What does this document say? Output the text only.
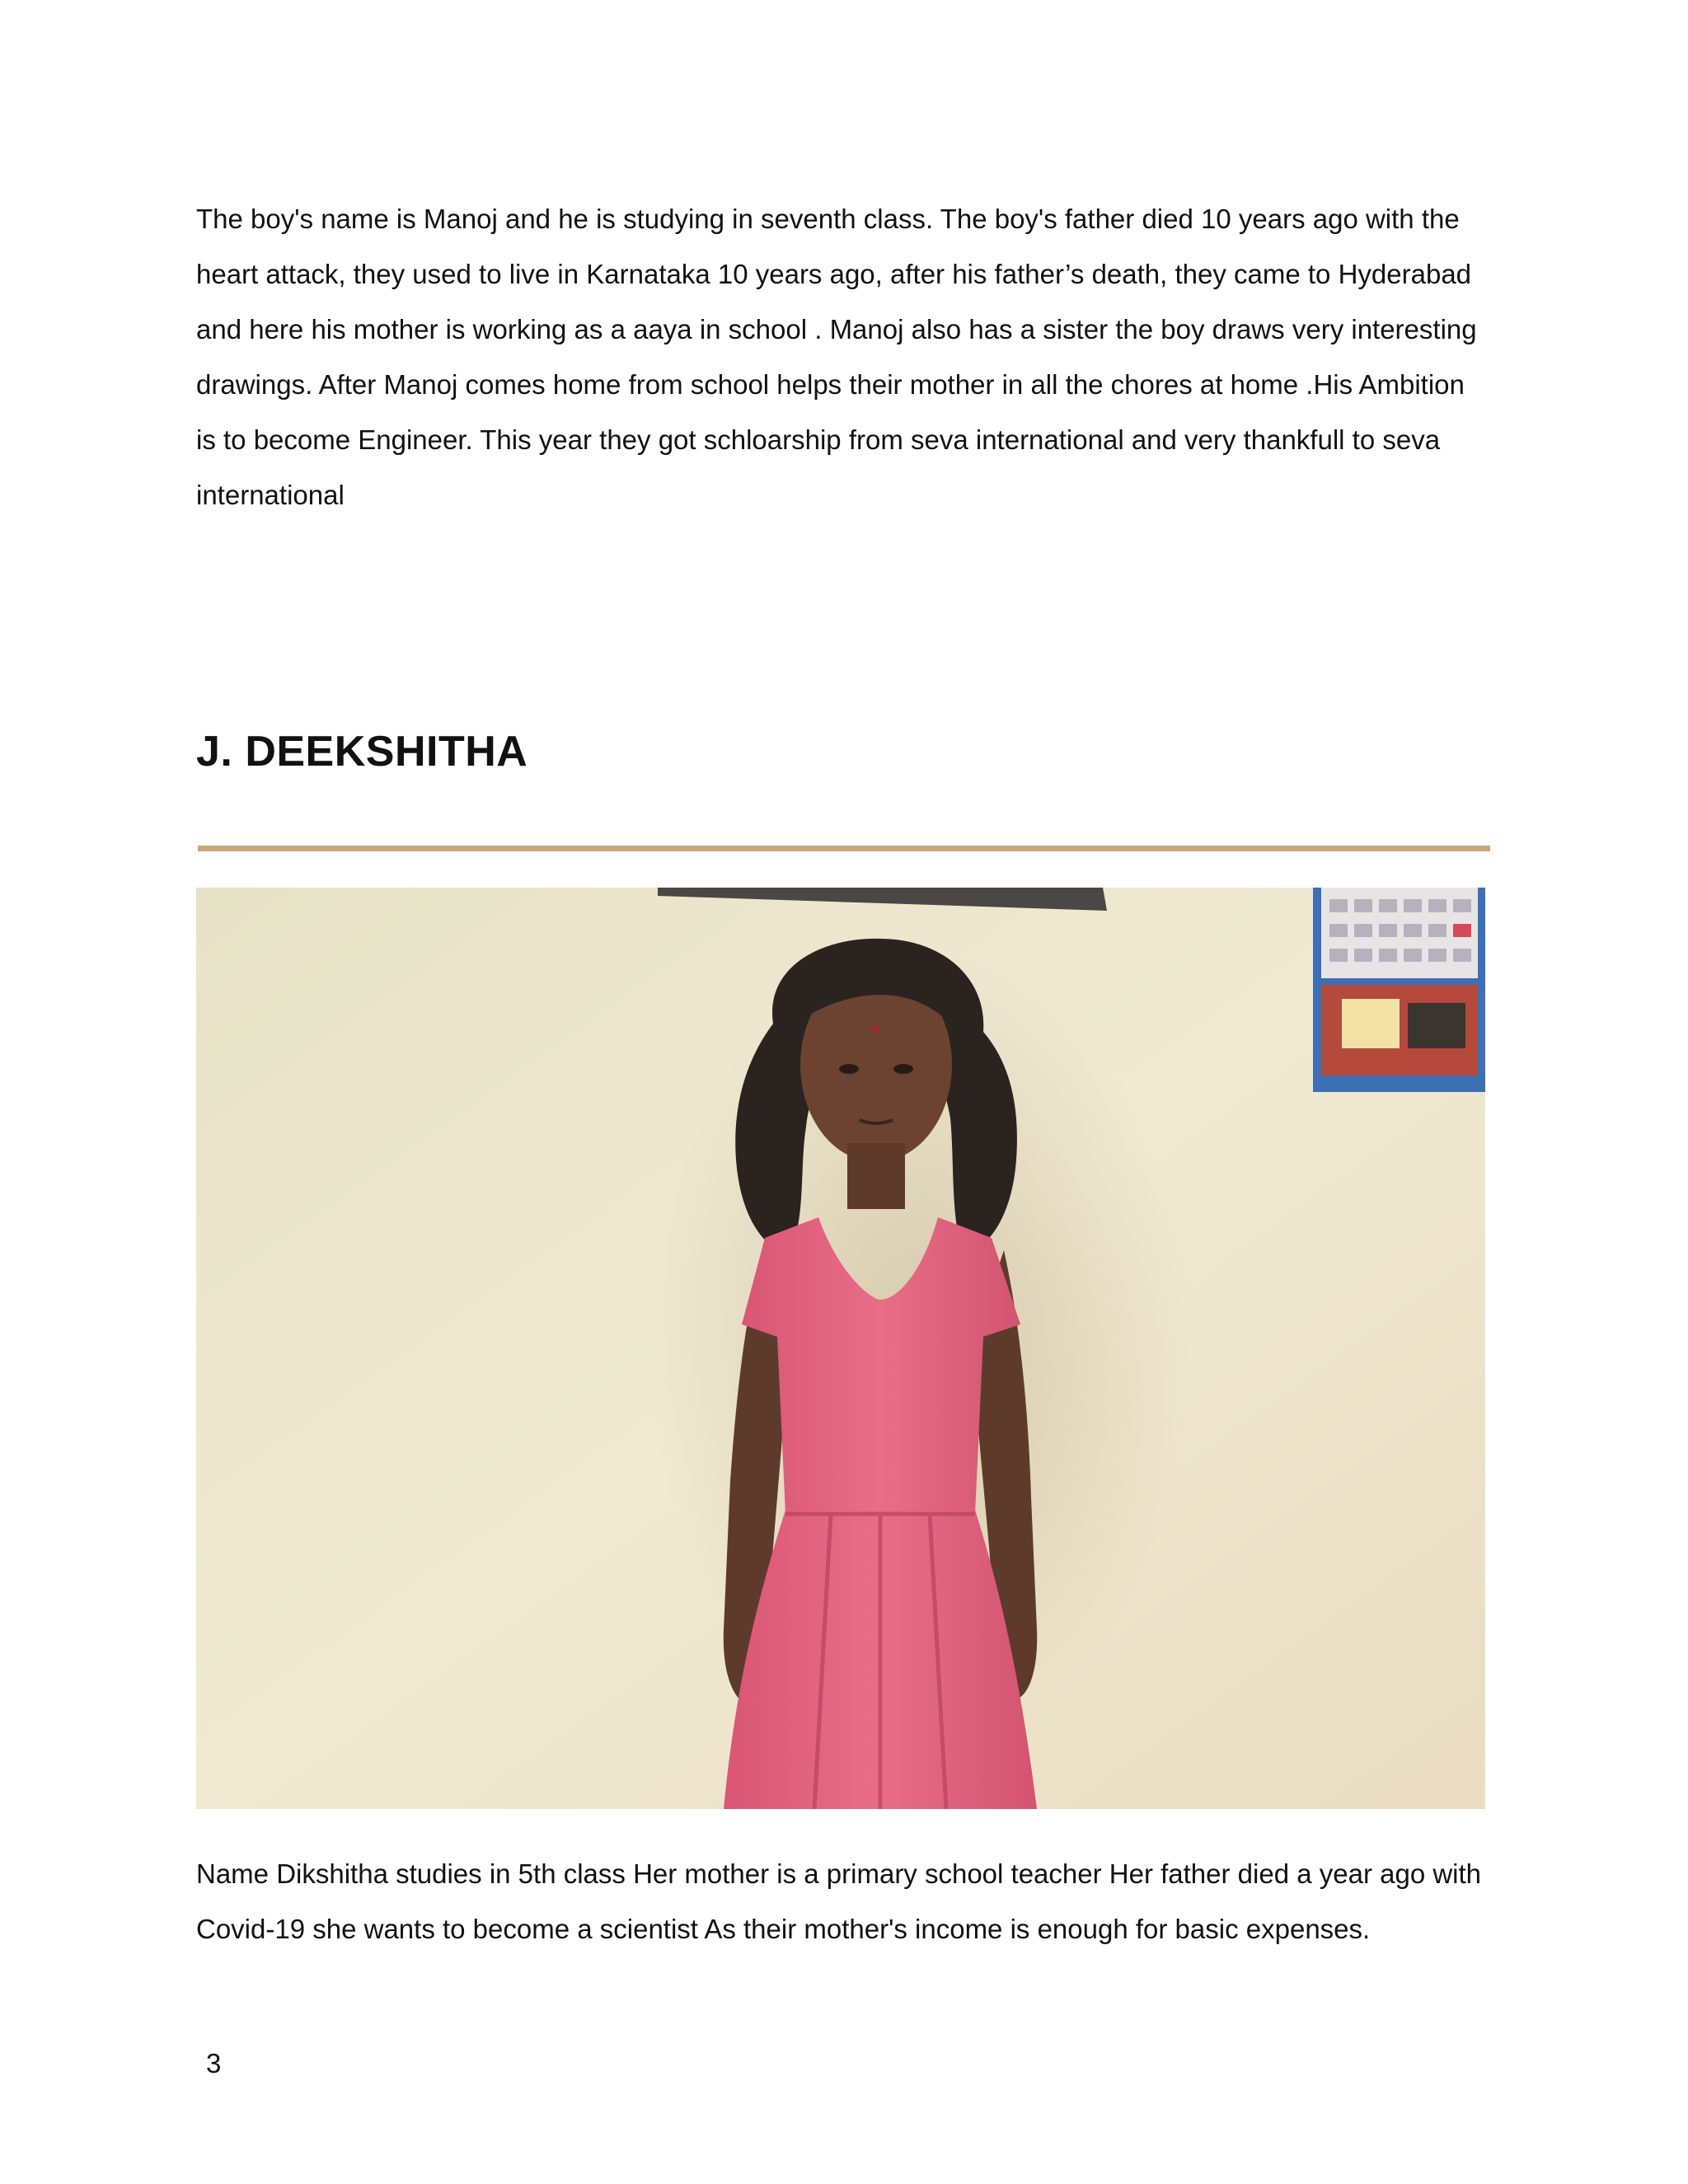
The boy's name is Manoj and he is studying in seventh class. The boy's father died 10 years ago with the heart attack, they used to live in Karnataka 10 years ago, after his father’s death, they came to Hyderabad and here his mother is working as a aaya in school . Manoj also has a sister the boy draws very interesting drawings. After Manoj comes home from school helps their mother in all the chores at home .His Ambition is to become Engineer. This year they got schloarship from seva international and very thankfull to seva international

J. DEEKSHITHA

Name Dikshitha studies in 5th class Her mother is a primary school teacher Her father died a year ago with Covid-19 she wants to become a scientist As their mother's income is enough for basic expenses.

3
